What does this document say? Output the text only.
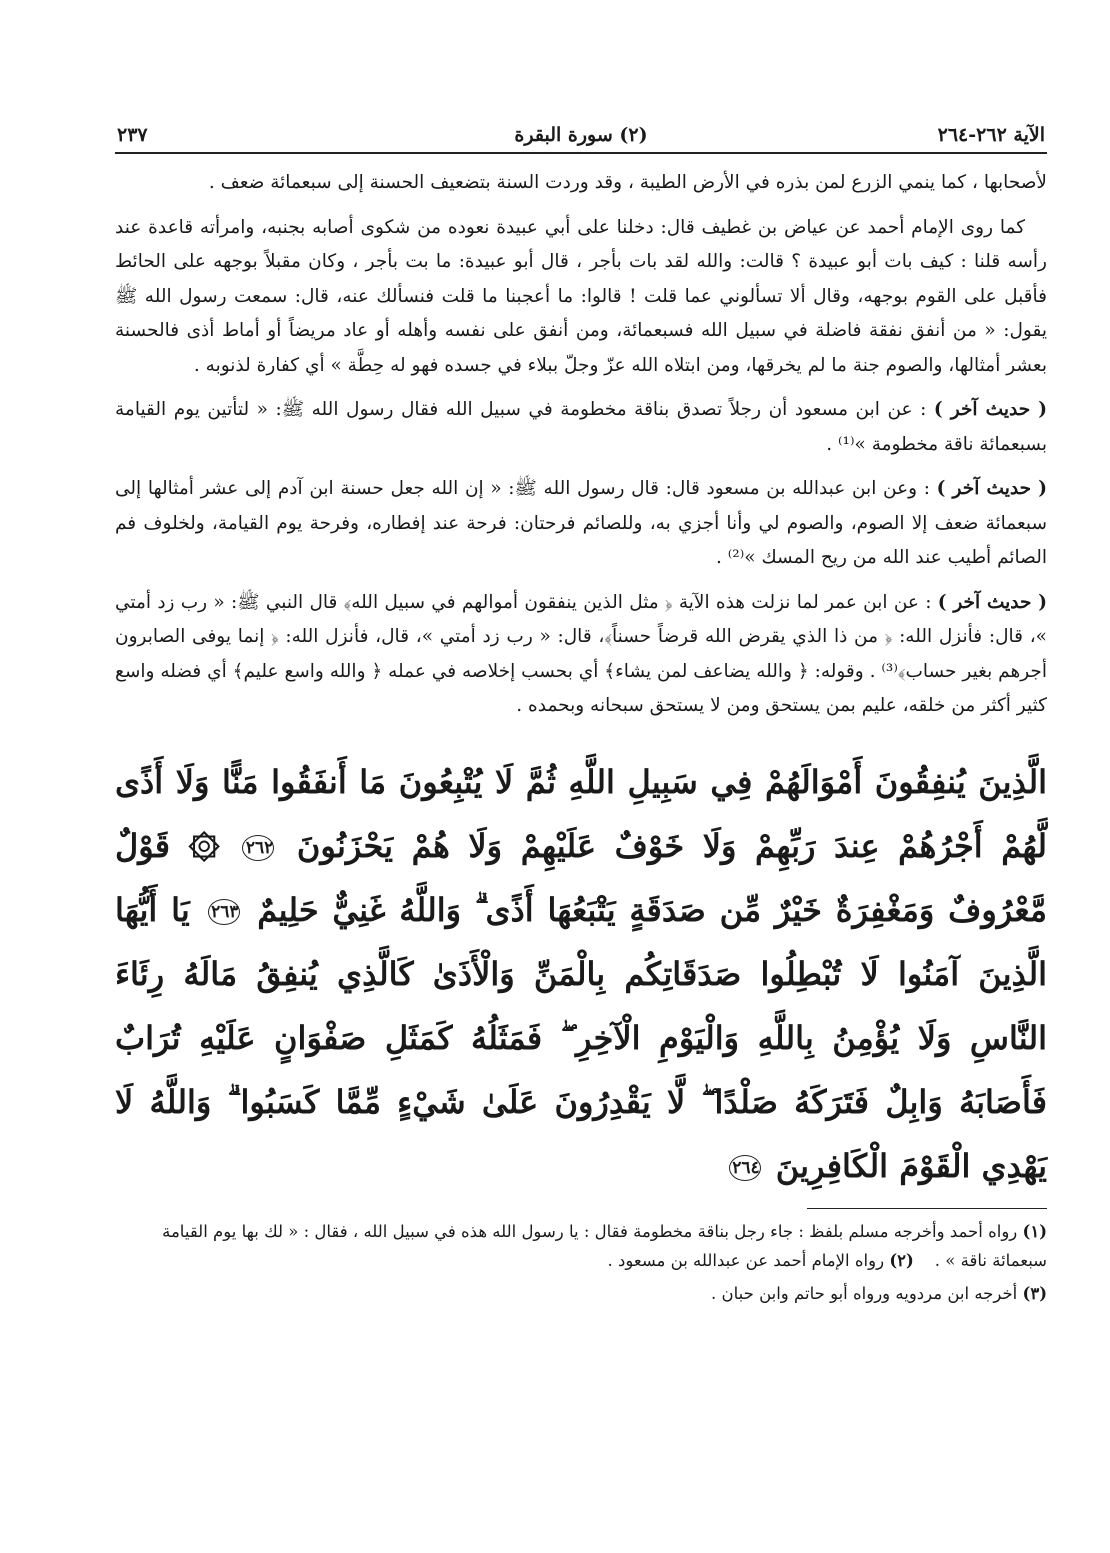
الآية ٢٦٢-٢٦٤
(٢) سورة البقرة
٢٣٧

لأصحابها ، كما ينمي الزرع لمن بذره في الأرض الطيبة ، وقد وردت السنة بتضعيف الحسنة إلى سبعمائة ضعف .

كما روى الإمام أحمد عن عياض بن غطيف قال: دخلنا على أبي عبيدة نعوده من شكوى أصابه بجنبه، وامرأته قاعدة عند رأسه قلنا : كيف بات أبو عبيدة ؟ قالت: والله لقد بات بأجر ، قال أبو عبيدة: ما بت بأجر ، وكان مقبلاً بوجهه على الحائط فأقبل على القوم بوجهه، وقال ألا تسألوني عما قلت ! قالوا: ما أعجبنا ما قلت فنسألك عنه، قال: سمعت رسول الله ﷺ يقول: « من أنفق نفقة فاضلة في سبيل الله فسبعمائة، ومن أنفق على نفسه وأهله أو عاد مريضاً أو أماط أذى فالحسنة بعشر أمثالها، والصوم جنة ما لم يخرقها، ومن ابتلاه الله عزّ وجلّ ببلاء في جسده فهو له حِطَّة » أي كفارة لذنوبه .

( حديث آخر ) : عن ابن مسعود أن رجلاً تصدق بناقة مخطومة في سبيل الله فقال رسول الله ﷺ: « لتأتين يوم القيامة بسبعمائة ناقة مخطومة »⁽¹⁾ .

( حديث آخر ) : وعن ابن عبدالله بن مسعود قال: قال رسول الله ﷺ: « إن الله جعل حسنة ابن آدم إلى عشر أمثالها إلى سبعمائة ضعف إلا الصوم، والصوم لي وأنا أجزي به، وللصائم فرحتان: فرحة عند إفطاره، وفرحة يوم القيامة، ولخلوف فم الصائم أطيب عند الله من ريح المسك »⁽²⁾ .

( حديث آخر ) : عن ابن عمر لما نزلت هذه الآية ﴿ مثل الذين ينفقون أموالهم في سبيل الله﴾ قال النبي ﷺ: « رب زد أمتي »، قال: فأنزل الله: ﴿ من ذا الذي يقرض الله قرضاً حسناً﴾، قال: « رب زد أمتي »، قال، فأنزل الله: ﴿ إنما يوفى الصابرون أجرهم بغير حساب﴾⁽³⁾ . وقوله: ﴿ والله يضاعف لمن يشاء﴾ أي بحسب إخلاصه في عمله ﴿ والله واسع عليم﴾ أي فضله واسع كثير أكثر من خلقه، عليم بمن يستحق ومن لا يستحق سبحانه وبحمده .

الَّذِينَ يُنفِقُونَ أَمْوَالَهُمْ فِي سَبِيلِ اللَّهِ ثُمَّ لَا يُتْبِعُونَ مَا أَنفَقُوا مَنًّا وَلَا أَذًى لَّهُمْ أَجْرُهُمْ عِندَ رَبِّهِمْ وَلَا خَوْفٌ عَلَيْهِمْ وَلَا هُمْ يَحْزَنُونَ ٢٦٢ ۞ قَوْلٌ مَّعْرُوفٌ وَمَغْفِرَةٌ خَيْرٌ مِّن صَدَقَةٍ يَتْبَعُهَا أَذًى ۗ وَاللَّهُ غَنِيٌّ حَلِيمٌ ٢٦٣ يَا أَيُّهَا الَّذِينَ آمَنُوا لَا تُبْطِلُوا صَدَقَاتِكُم بِالْمَنِّ وَالْأَذَىٰ كَالَّذِي يُنفِقُ مَالَهُ رِئَاءَ النَّاسِ وَلَا يُؤْمِنُ بِاللَّهِ وَالْيَوْمِ الْآخِرِ ۖ فَمَثَلُهُ كَمَثَلِ صَفْوَانٍ عَلَيْهِ تُرَابٌ فَأَصَابَهُ وَابِلٌ فَتَرَكَهُ صَلْدًا ۖ لَّا يَقْدِرُونَ عَلَىٰ شَيْءٍ مِّمَّا كَسَبُوا ۗ وَاللَّهُ لَا يَهْدِي الْقَوْمَ الْكَافِرِينَ ٢٦٤

(١) رواه أحمد وأخرجه مسلم بلفظ : جاء رجل بناقة مخطومة فقال : يا رسول الله هذه في سبيل الله ، فقال : « لك بها يوم القيامة سبعمائة ناقة » .    (٢) رواه الإمام أحمد عن عبدالله بن مسعود .

(٣) أخرجه ابن مردويه ورواه أبو حاتم وابن حبان .
